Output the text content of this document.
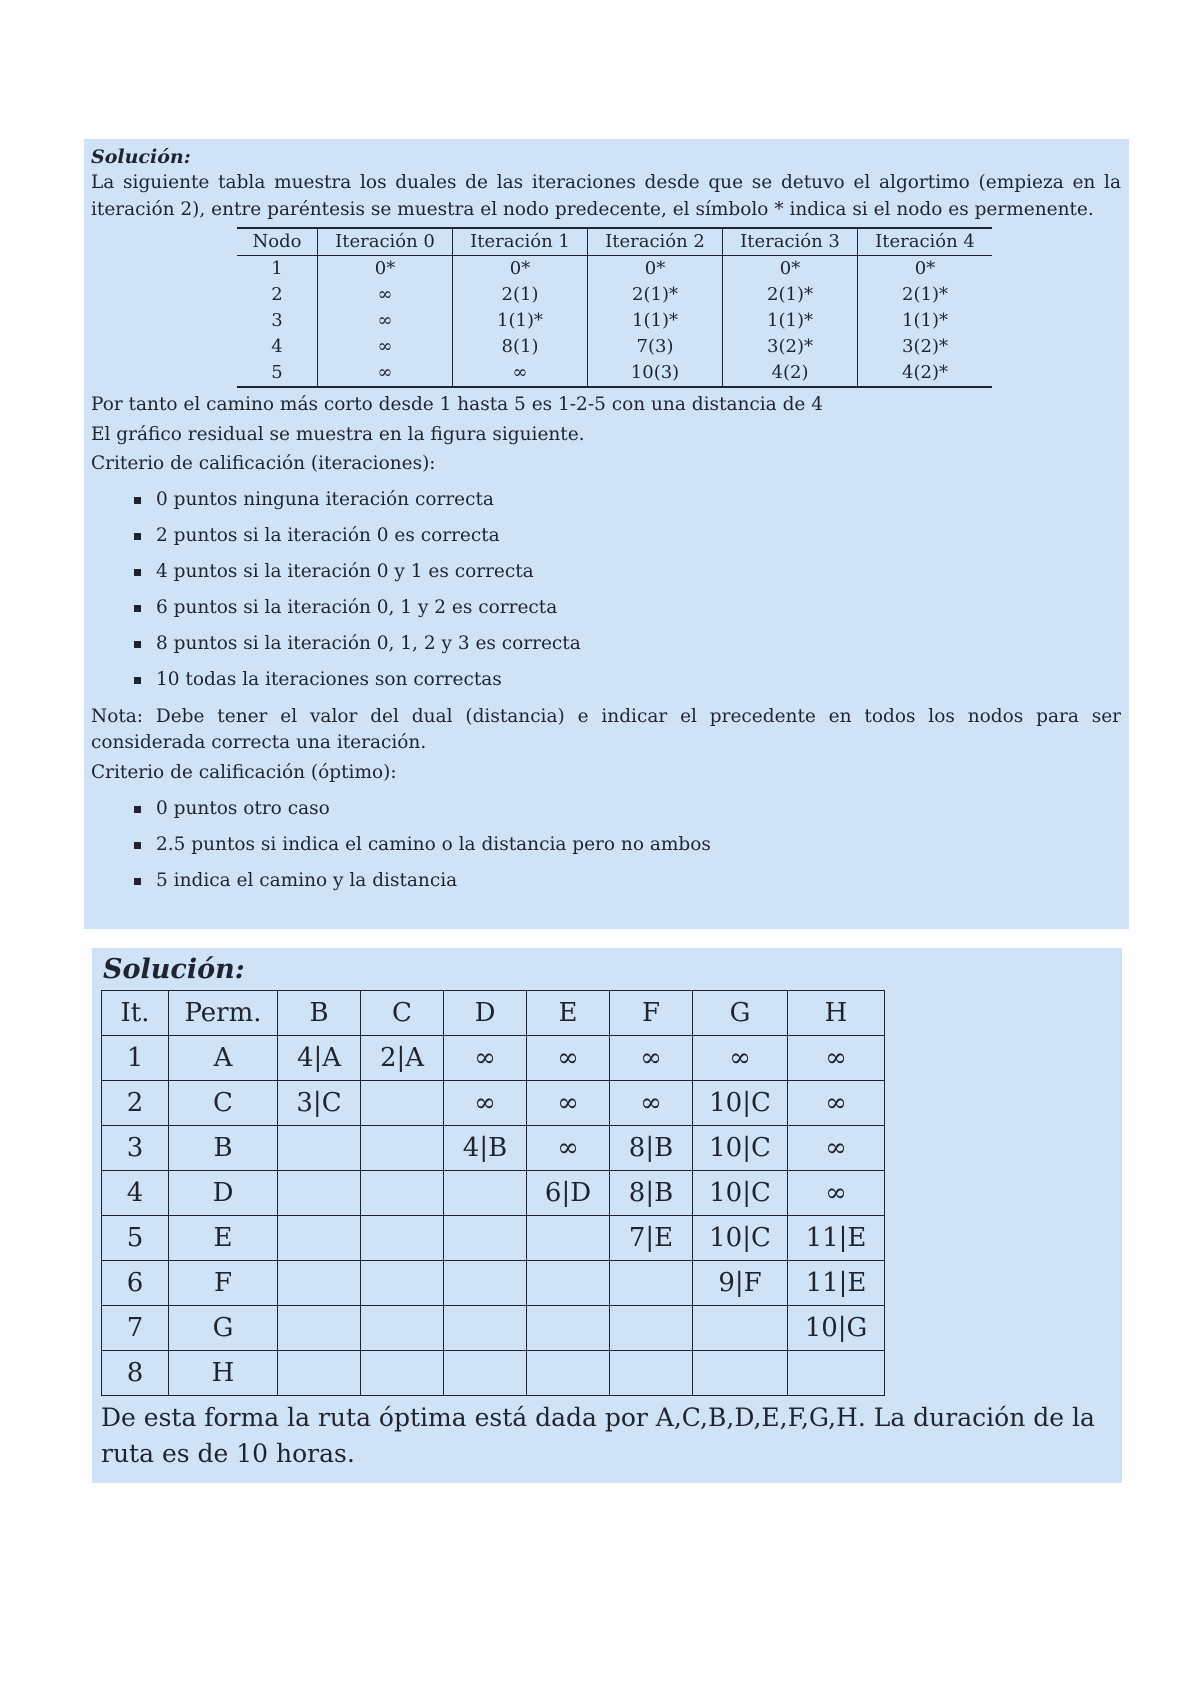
Solución:

La siguiente tabla muestra los duales de las iteraciones desde que se detuvo el algortimo (empieza en la iteración 2), entre paréntesis se muestra el nodo predecente, el símbolo * indica si el nodo es permenente.

Nodo	Iteración 0	Iteración 1	Iteración 2	Iteración 3	Iteración 4
1	0*	0*	0*	0*	0*
2	∞	2(1)	2(1)*	2(1)*	2(1)*
3	∞	1(1)*	1(1)*	1(1)*	1(1)*
4	∞	8(1)	7(3)	3(2)*	3(2)*
5	∞	∞	10(3)	4(2)	4(2)*

Por tanto el camino más corto desde 1 hasta 5 es 1-2-5 con una distancia de 4

El gráfico residual se muestra en la figura siguiente.

Criterio de calificación (iteraciones):

0 puntos ninguna iteración correcta
2 puntos si la iteración 0 es correcta
4 puntos si la iteración 0 y 1 es correcta
6 puntos si la iteración 0, 1 y 2 es correcta
8 puntos si la iteración 0, 1, 2 y 3 es correcta
10 todas la iteraciones son correctas

Nota: Debe tener el valor del dual (distancia) e indicar el precedente en todos los nodos para ser considerada correcta una iteración.

Criterio de calificación (óptimo):

0 puntos otro caso
2.5 puntos si indica el camino o la distancia pero no ambos
5 indica el camino y la distancia
Solución:
It.	Perm.	B	C	D	E	F	G	H
1	A	4|A	2|A	∞	∞	∞	∞	∞
2	C	3|C		∞	∞	∞	10|C	∞
3	B			4|B	∞	8|B	10|C	∞
4	D				6|D	8|B	10|C	∞
5	E					7|E	10|C	11|E
6	F						9|F	11|E
7	G							10|G
8	H							

De esta forma la ruta óptima está dada por A,C,B,D,E,F,G,H. La duración de la ruta es de 10 horas.
